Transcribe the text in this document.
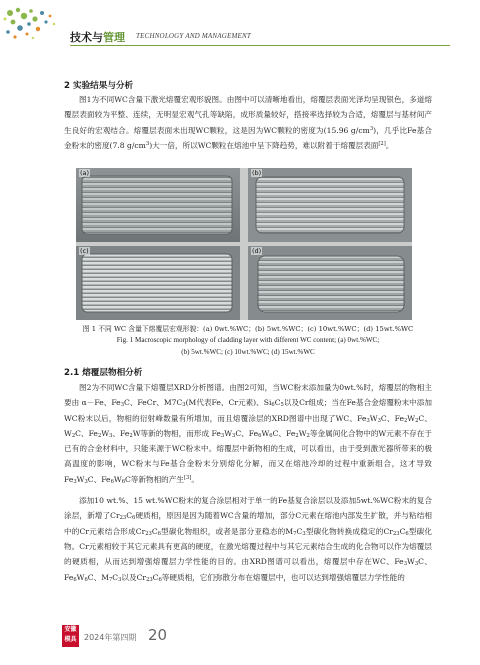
技术与管理 TECHNOLOGY AND MANAGEMENT
2 实验结果与分析

图1为不同WC含量下激光熔覆宏观形貌图。由图中可以清晰地看出，熔覆层表面光泽均呈现银色，多道熔覆层表面较为平整、连续，无明显宏观气孔等缺陷，成形质量较好，搭接率选择较为合适，熔覆层与基材间产生良好的宏观结合。熔覆层表面未出现WC颗粒，这是因为WC颗粒的密度为(15.96 $g/cm^3$)，几乎比Fe基合金粉末的密度(7.8 $g/cm^3$)大一倍，所以WC颗粒在熔池中呈下降趋势，难以附着于熔覆层表面[2]。

(a)	(b)
(c)	(d)
图 1 不同 WC 含量下熔覆层宏观形貌：(a) 0wt.%WC；(b) 5wt.%WC；(c) 10wt.%WC；(d) 15wt.%WC
Fig. 1 Macroscopic morphology of cladding layer with different WC content; (a) 0wt.%WC;
(b) 5wt.%WC; (c) 10wt.%WC; (d) 15wt.%WC
2.1 熔覆层物相分析

图2为不同WC含量下熔覆层XRD分析图谱。由图2可知，当WC粉末添加量为0wt.%时，熔覆层的物相主要由 α－Fe、$Fe_3C$、FeCr、$M7C_3(M$代表Fe、Cr元素)、$Si_6C_5$以及Cr组成；当在Fe基合金熔覆粉末中添加WC粉末以后，物相的衍射峰数量有所增加，而且熔覆涂层的XRD图谱中出现了WC、$Fe_3W_3C$、$Fe_2W_2C$、$W_2C$、$Fe_2W_3$、$Fe_2W$等新的物相，而形成 $Fe_3W_3C$、$Fe_6W_6C$、$Fe_2W_2$等金属间化合物中的W元素不存在于已有的合金材料中，只能来源于WC粉末中。熔覆层中新物相的生成，可以看出，由于受到激光器所带来的极高温度的影响，WC粉末与Fe基合金粉末分别熔化分解，而又在熔池冷却的过程中重新组合，这才导致$Fe_3W_3C$、$Fe_6W_6C$等新物相的产生[3]。

添加10 wt.%、15 wt.%WC粉末的复合涂层相对于单一的Fe基复合涂层以及添加5wt.%WC粉末的复合涂层，新增了$Cr_{23}C_6$硬质相，原因是因为随着WC含量的增加，部分C元素在熔池内部发生扩散，并与粘结相中的Cr元素结合形成$Cr_{23}C_6$型碳化物组织，或者是部分亚稳态的$M_7C_3$型碳化物转换成稳定的$Cr_{23}C_6$型碳化物。Cr元素相较于其它元素具有更高的硬度，在激光熔覆过程中与其它元素结合生成的化合物可以作为熔覆层的硬质相，从而达到增强熔覆层力学性能的目的。由XRD图谱可以看出，熔覆层中存在WC、$Fe_3W_3C$、$Fe_6W_6C$、$M_7C_3$以及$Cr_{23}C_6$等硬质相，它们弥散分布在熔覆层中，也可以达到增强熔覆层力学性能的

安徽 模具 2024年第四期 20
